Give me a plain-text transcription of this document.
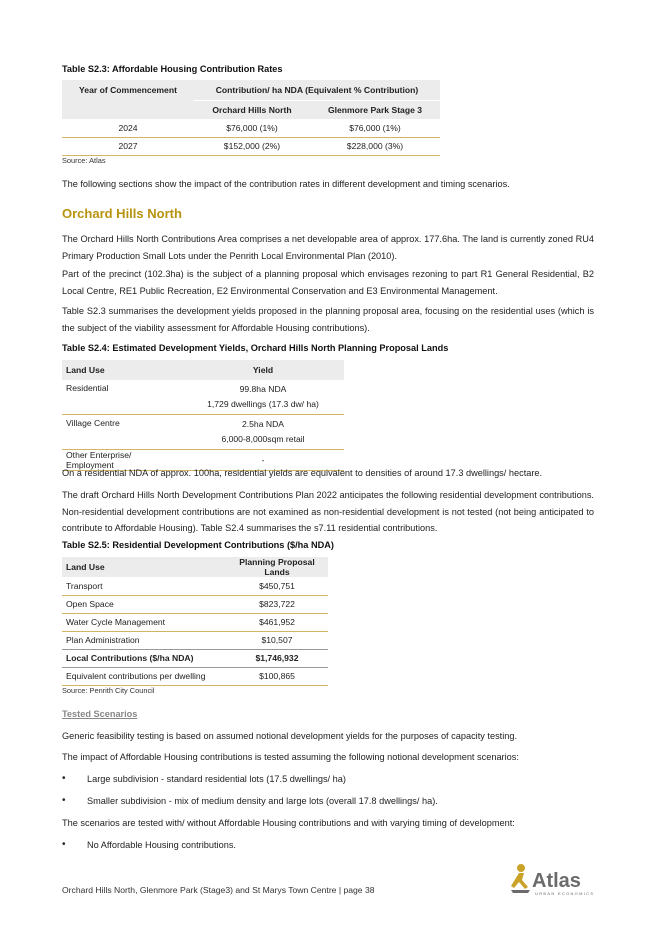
Table S2.3: Affordable Housing Contribution Rates
Year of Commencement	Contribution/ ha NDA (Equivalent % Contribution)	
	Orchard Hills North	Glenmore Park Stage 3
2024	$76,000 (1%)	$76,000 (1%)
2027	$152,000 (2%)	$228,000 (3%)
Source: Atlas

The following sections show the impact of the contribution rates in different development and timing scenarios.

Orchard Hills North

The Orchard Hills North Contributions Area comprises a net developable area of approx. 177.6ha. The land is currently zoned RU4 Primary Production Small Lots under the Penrith Local Environmental Plan (2010).

Part of the precinct (102.3ha) is the subject of a planning proposal which envisages rezoning to part R1 General Residential, B2 Local Centre, RE1 Public Recreation, E2 Environmental Conservation and E3 Environmental Management.

Table S2.3 summarises the development yields proposed in the planning proposal area, focusing on the residential uses (which is the subject of the viability assessment for Affordable Housing contributions).

Table S2.4: Estimated Development Yields, Orchard Hills North Planning Proposal Lands
Land Use	Yield
Residential	99.8ha NDA
1,729 dwellings (17.3 dw/ ha)
Village Centre	2.5ha NDA
6,000-8,000sqm retail
Other Enterprise/ Employment	-

On a residential NDA of approx. 100ha, residential yields are equivalent to densities of around 17.3 dwellings/ hectare.

The draft Orchard Hills North Development Contributions Plan 2022 anticipates the following residential development contributions. Non-residential development contributions are not examined as non-residential development is not tested (not being anticipated to contribute to Affordable Housing). Table S2.4 summarises the s7.11 residential contributions.

Table S2.5: Residential Development Contributions ($/ha NDA)
Land Use	Planning Proposal Lands
Transport	$450,751
Open Space	$823,722
Water Cycle Management	$461,952
Plan Administration	$10,507
Local Contributions ($/ha NDA)	$1,746,932
Equivalent contributions per dwelling	$100,865
Source: Penrith City Council
Tested Scenarios

Generic feasibility testing is based on assumed notional development yields for the purposes of capacity testing.

The impact of Affordable Housing contributions is tested assuming the following notional development scenarios:

• Large subdivision - standard residential lots (17.5 dwellings/ ha)
• Smaller subdivision - mix of medium density and large lots (overall 17.8 dwellings/ ha).

The scenarios are tested with/ without Affordable Housing contributions and with varying timing of development:

• No Affordable Housing contributions.
Orchard Hills North, Glenmore Park (Stage3) and St Marys Town Centre | page 38	Atlas
URBAN ECONOMICS
